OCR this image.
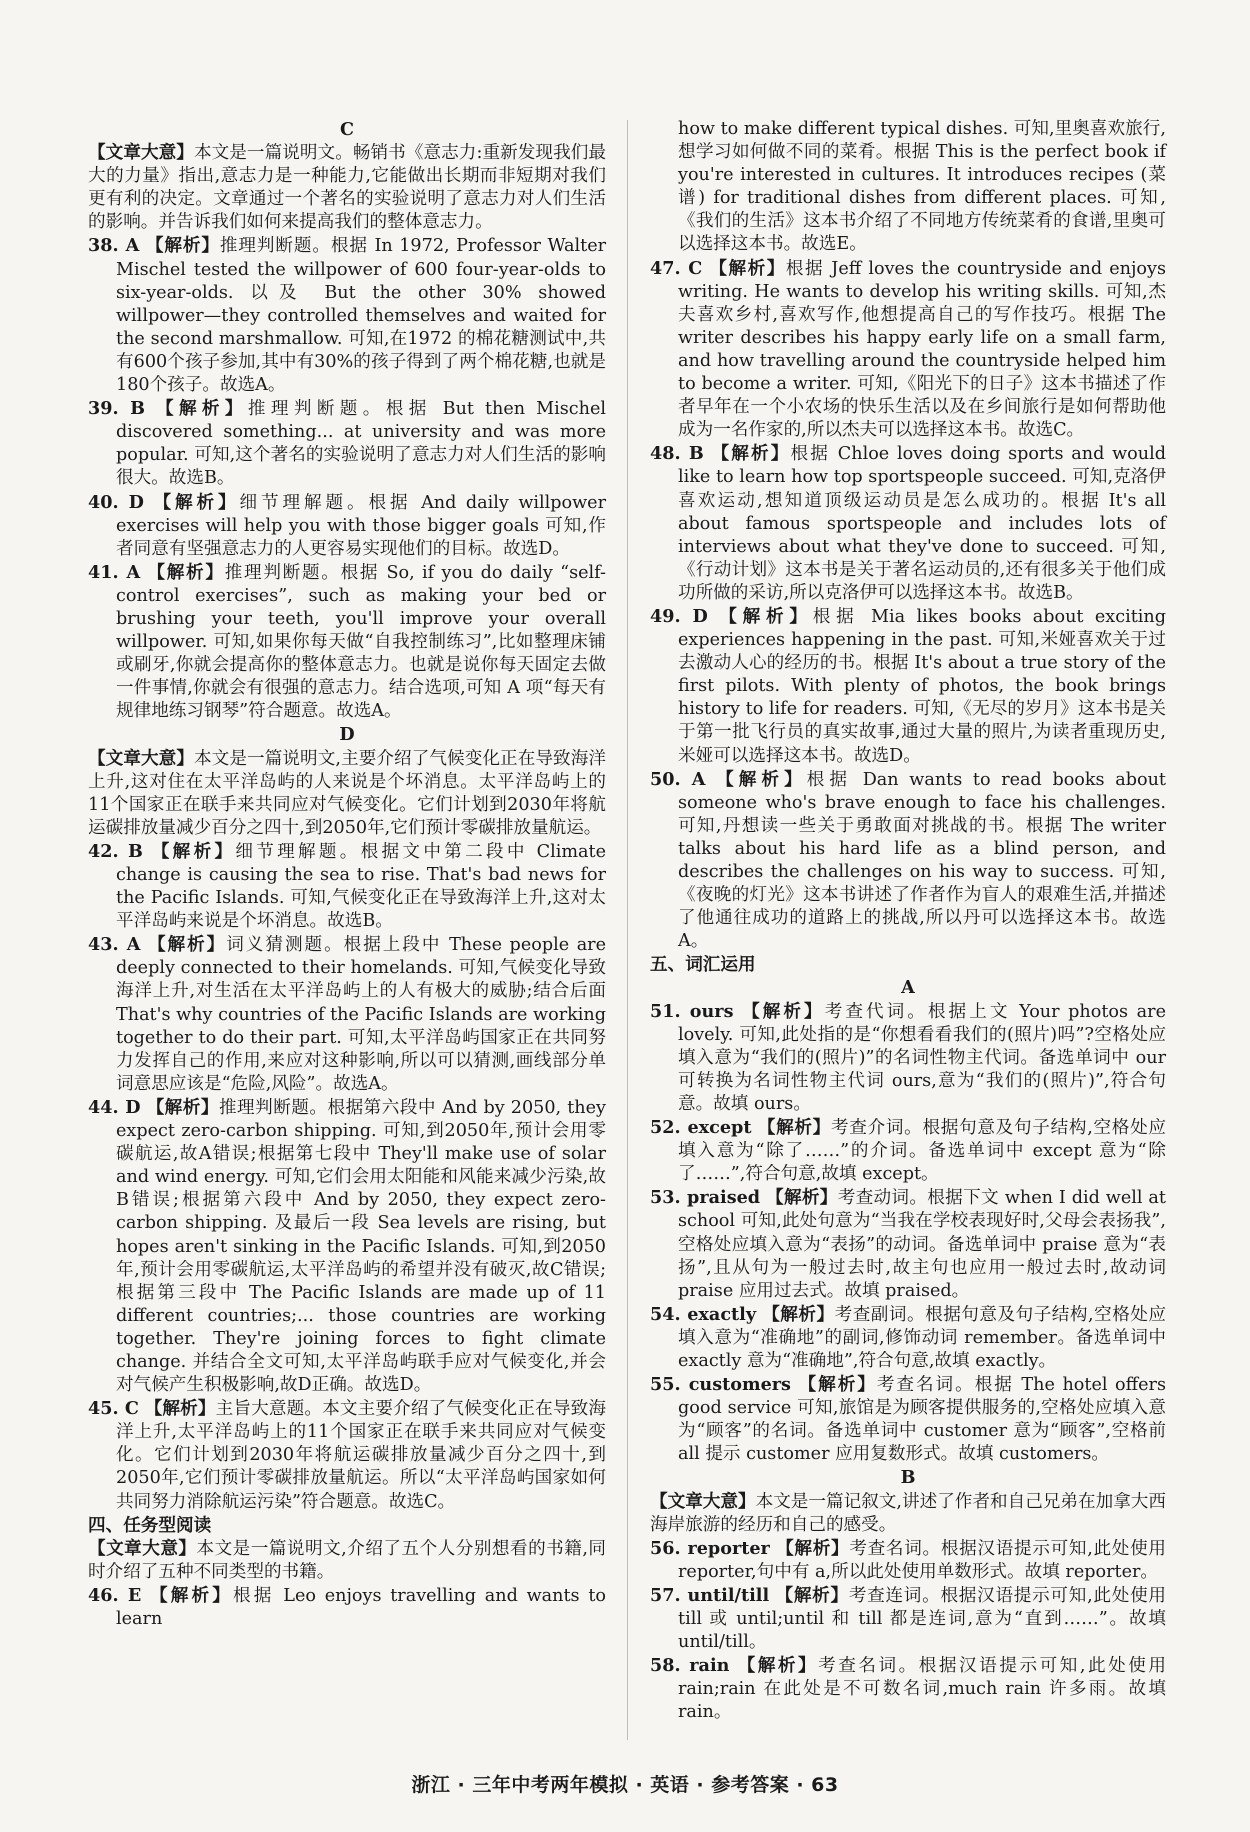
C
【文章大意】本文是一篇说明文。畅销书《意志力:重新发现我们最大的力量》指出,意志力是一种能力,它能做出长期而非短期对我们更有利的决定。文章通过一个著名的实验说明了意志力对人们生活的影响。并告诉我们如何来提高我们的整体意志力。
38. A 【解析】推理判断题。根据 In 1972, Professor Walter Mischel tested the willpower of 600 four-year-olds to six-year-olds. 以及 But the other 30% showed willpower—they controlled themselves and waited for the second marshmallow. 可知,在1972 的棉花糖测试中,共有600个孩子参加,其中有30%的孩子得到了两个棉花糖,也就是180个孩子。故选A。
39. B 【解析】推理判断题。根据 But then Mischel discovered something... at university and was more popular. 可知,这个著名的实验说明了意志力对人们生活的影响很大。故选B。
40. D 【解析】细节理解题。根据 And daily willpower exercises will help you with those bigger goals 可知,作者同意有坚强意志力的人更容易实现他们的目标。故选D。
41. A 【解析】推理判断题。根据 So, if you do daily “self-control exercises”, such as making your bed or brushing your teeth, you'll improve your overall willpower. 可知,如果你每天做“自我控制练习”,比如整理床铺或刷牙,你就会提高你的整体意志力。也就是说你每天固定去做一件事情,你就会有很强的意志力。结合选项,可知 A 项“每天有规律地练习钢琴”符合题意。故选A。
D
【文章大意】本文是一篇说明文,主要介绍了气候变化正在导致海洋上升,这对住在太平洋岛屿的人来说是个坏消息。太平洋岛屿上的11个国家正在联手来共同应对气候变化。它们计划到2030年将航运碳排放量减少百分之四十,到2050年,它们预计零碳排放量航运。
42. B 【解析】细节理解题。根据文中第二段中 Climate change is causing the sea to rise. That's bad news for the Pacific Islands. 可知,气候变化正在导致海洋上升,这对太平洋岛屿来说是个坏消息。故选B。
43. A 【解析】词义猜测题。根据上段中 These people are deeply connected to their homelands. 可知,气候变化导致海洋上升,对生活在太平洋岛屿上的人有极大的威胁;结合后面 That's why countries of the Pacific Islands are working together to do their part. 可知,太平洋岛屿国家正在共同努力发挥自己的作用,来应对这种影响,所以可以猜测,画线部分单词意思应该是“危险,风险”。故选A。
44. D 【解析】推理判断题。根据第六段中 And by 2050, they expect zero-carbon shipping. 可知,到2050年,预计会用零碳航运,故A错误;根据第七段中 They'll make use of solar and wind energy. 可知,它们会用太阳能和风能来减少污染,故B错误;根据第六段中 And by 2050, they expect zero-carbon shipping. 及最后一段 Sea levels are rising, but hopes aren't sinking in the Pacific Islands. 可知,到2050年,预计会用零碳航运,太平洋岛屿的希望并没有破灭,故C错误;根据第三段中 The Pacific Islands are made up of 11 different countries;... those countries are working together. They're joining forces to fight climate change. 并结合全文可知,太平洋岛屿联手应对气候变化,并会对气候产生积极影响,故D正确。故选D。
45. C 【解析】主旨大意题。本文主要介绍了气候变化正在导致海洋上升,太平洋岛屿上的11个国家正在联手来共同应对气候变化。它们计划到2030年将航运碳排放量减少百分之四十,到2050年,它们预计零碳排放量航运。所以“太平洋岛屿国家如何共同努力消除航运污染”符合题意。故选C。
四、任务型阅读
【文章大意】本文是一篇说明文,介绍了五个人分别想看的书籍,同时介绍了五种不同类型的书籍。
46. E 【解析】根据 Leo enjoys travelling and wants to learn
how to make different typical dishes. 可知,里奥喜欢旅行,想学习如何做不同的菜肴。根据 This is the perfect book if you're interested in cultures. It introduces recipes (菜谱) for traditional dishes from different places. 可知,《我们的生活》这本书介绍了不同地方传统菜肴的食谱,里奥可以选择这本书。故选E。
47. C 【解析】根据 Jeff loves the countryside and enjoys writing. He wants to develop his writing skills. 可知,杰夫喜欢乡村,喜欢写作,他想提高自己的写作技巧。根据 The writer describes his happy early life on a small farm, and how travelling around the countryside helped him to become a writer. 可知,《阳光下的日子》这本书描述了作者早年在一个小农场的快乐生活以及在乡间旅行是如何帮助他成为一名作家的,所以杰夫可以选择这本书。故选C。
48. B 【解析】根据 Chloe loves doing sports and would like to learn how top sportspeople succeed. 可知,克洛伊喜欢运动,想知道顶级运动员是怎么成功的。根据 It's all about famous sportspeople and includes lots of interviews about what they've done to succeed. 可知,《行动计划》这本书是关于著名运动员的,还有很多关于他们成功所做的采访,所以克洛伊可以选择这本书。故选B。
49. D 【解析】根据 Mia likes books about exciting experiences happening in the past. 可知,米娅喜欢关于过去激动人心的经历的书。根据 It's about a true story of the first pilots. With plenty of photos, the book brings history to life for readers. 可知,《无尽的岁月》这本书是关于第一批飞行员的真实故事,通过大量的照片,为读者重现历史,米娅可以选择这本书。故选D。
50. A 【解析】根据 Dan wants to read books about someone who's brave enough to face his challenges. 可知,丹想读一些关于勇敢面对挑战的书。根据 The writer talks about his hard life as a blind person, and describes the challenges on his way to success. 可知,《夜晚的灯光》这本书讲述了作者作为盲人的艰难生活,并描述了他通往成功的道路上的挑战,所以丹可以选择这本书。故选A。
五、词汇运用
A
51. ours 【解析】考查代词。根据上文 Your photos are lovely. 可知,此处指的是“你想看看我们的(照片)吗”?空格处应填入意为“我们的(照片)”的名词性物主代词。备选单词中 our 可转换为名词性物主代词 ours,意为“我们的(照片)”,符合句意。故填 ours。
52. except 【解析】考查介词。根据句意及句子结构,空格处应填入意为“除了……”的介词。备选单词中 except 意为“除了……”,符合句意,故填 except。
53. praised 【解析】考查动词。根据下文 when I did well at school 可知,此处句意为“当我在学校表现好时,父母会表扬我”,空格处应填入意为“表扬”的动词。备选单词中 praise 意为“表扬”,且从句为一般过去时,故主句也应用一般过去时,故动词 praise 应用过去式。故填 praised。
54. exactly 【解析】考查副词。根据句意及句子结构,空格处应填入意为“准确地”的副词,修饰动词 remember。备选单词中 exactly 意为“准确地”,符合句意,故填 exactly。
55. customers 【解析】考查名词。根据 The hotel offers good service 可知,旅馆是为顾客提供服务的,空格处应填入意为“顾客”的名词。备选单词中 customer 意为“顾客”,空格前 all 提示 customer 应用复数形式。故填 customers。
B
【文章大意】本文是一篇记叙文,讲述了作者和自己兄弟在加拿大西海岸旅游的经历和自己的感受。
56. reporter 【解析】考查名词。根据汉语提示可知,此处使用 reporter,句中有 a,所以此处使用单数形式。故填 reporter。
57. until/till 【解析】考查连词。根据汉语提示可知,此处使用 till 或 until;until 和 till 都是连词,意为“直到……”。故填 until/till。
58. rain 【解析】考查名词。根据汉语提示可知,此处使用 rain;rain 在此处是不可数名词,much rain 许多雨。故填 rain。
浙江 · 三年中考两年模拟 · 英语 · 参考答案 · 63
